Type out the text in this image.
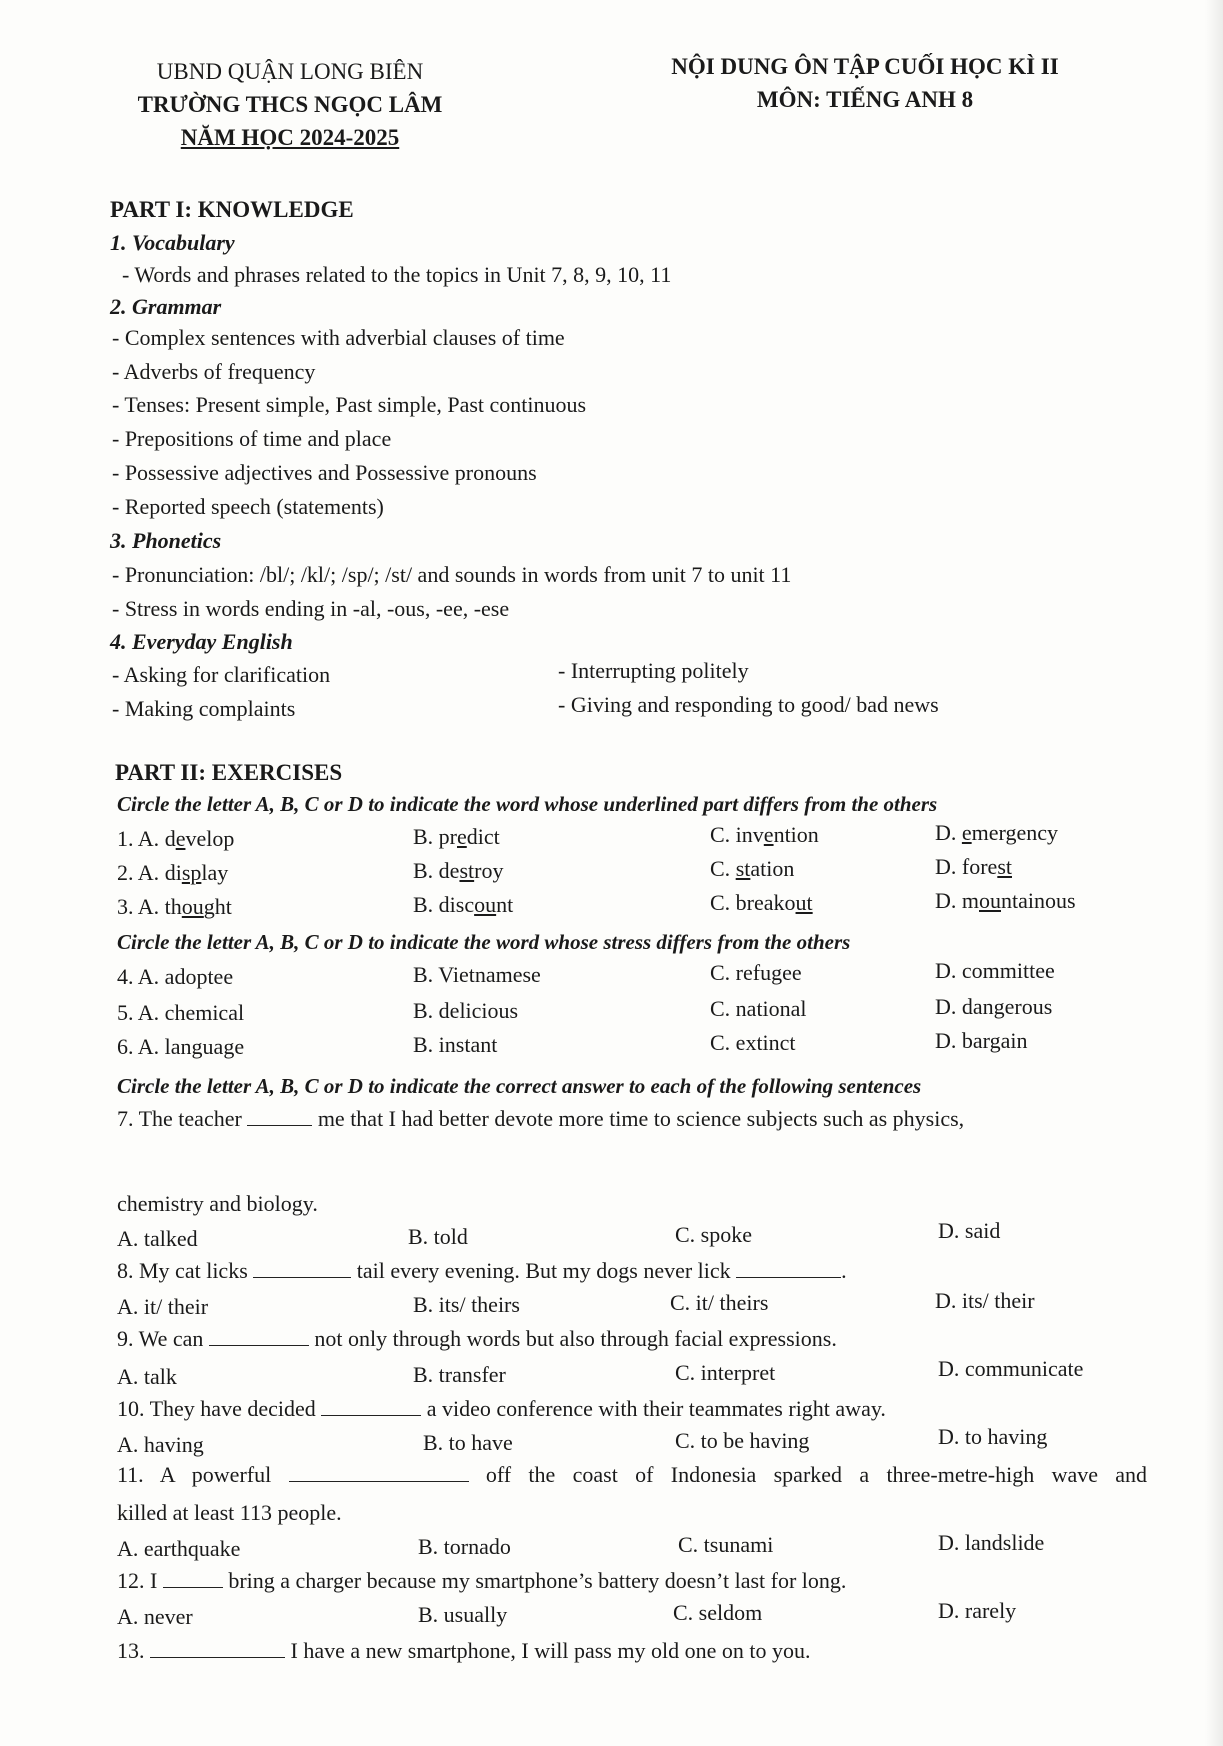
UBND QUẬN LONG BIÊN
TRƯỜNG THCS NGỌC LÂM
NĂM HỌC 2024-2025
NỘI DUNG ÔN TẬP CUỐI HỌC KÌ II
MÔN: TIẾNG ANH 8
PART I: KNOWLEDGE
1. Vocabulary
- Words and phrases related to the topics in Unit 7, 8, 9, 10, 11
2. Grammar
- Complex sentences with adverbial clauses of time
- Adverbs of frequency
- Tenses: Present simple, Past simple, Past continuous
- Prepositions of time and place
- Possessive adjectives and Possessive pronouns
- Reported speech (statements)
3. Phonetics
- Pronunciation: /bl/; /kl/; /sp/; /st/ and sounds in words from unit 7 to unit 11
- Stress in words ending in -al, -ous, -ee, -ese
4. Everyday English
- Asking for clarification	- Interrupting politely
- Making complaints	- Giving and responding to good/ bad news
PART II: EXERCISES
Circle the letter A, B, C or D to indicate the word whose underlined part differs from the others
1. A. develop	B. predict	C. invention	D. emergency
2. A. display	B. destroy	C. station	D. forest
3. A. thought	B. discount	C. breakout	D. mountainous
Circle the letter A, B, C or D to indicate the word whose stress differs from the others
4. A. adoptee	B. Vietnamese	C. refugee	D. committee
5. A. chemical	B. delicious	C. national	D. dangerous
6. A. language	B. instant	C. extinct	D. bargain
Circle the letter A, B, C or D to indicate the correct answer to each of the following sentences
7. The teacher	me that I had better devote more time to science subjects such as physics,
chemistry and biology.
A. talked	B. told	C. spoke	D. said
8. My cat licks	tail every evening. But my dogs never lick	.
A. it/ their	B. its/ theirs	C. it/ theirs	D. its/ their
9. We can	not only through words but also through facial expressions.
A. talk	B. transfer	C. interpret	D. communicate
10. They have decided	a video conference with their teammates right away.
A. having	B. to have	C. to be having	D. to having
11. A powerful	off the coast of Indonesia sparked a three-metre-high wave and
killed at least 113 people.
A. earthquake	B. tornado	C. tsunami	D. landslide
12. I	bring a charger because my smartphone’s battery doesn’t last for long.
A. never	B. usually	C. seldom	D. rarely
13.	I have a new smartphone, I will pass my old one on to you.
